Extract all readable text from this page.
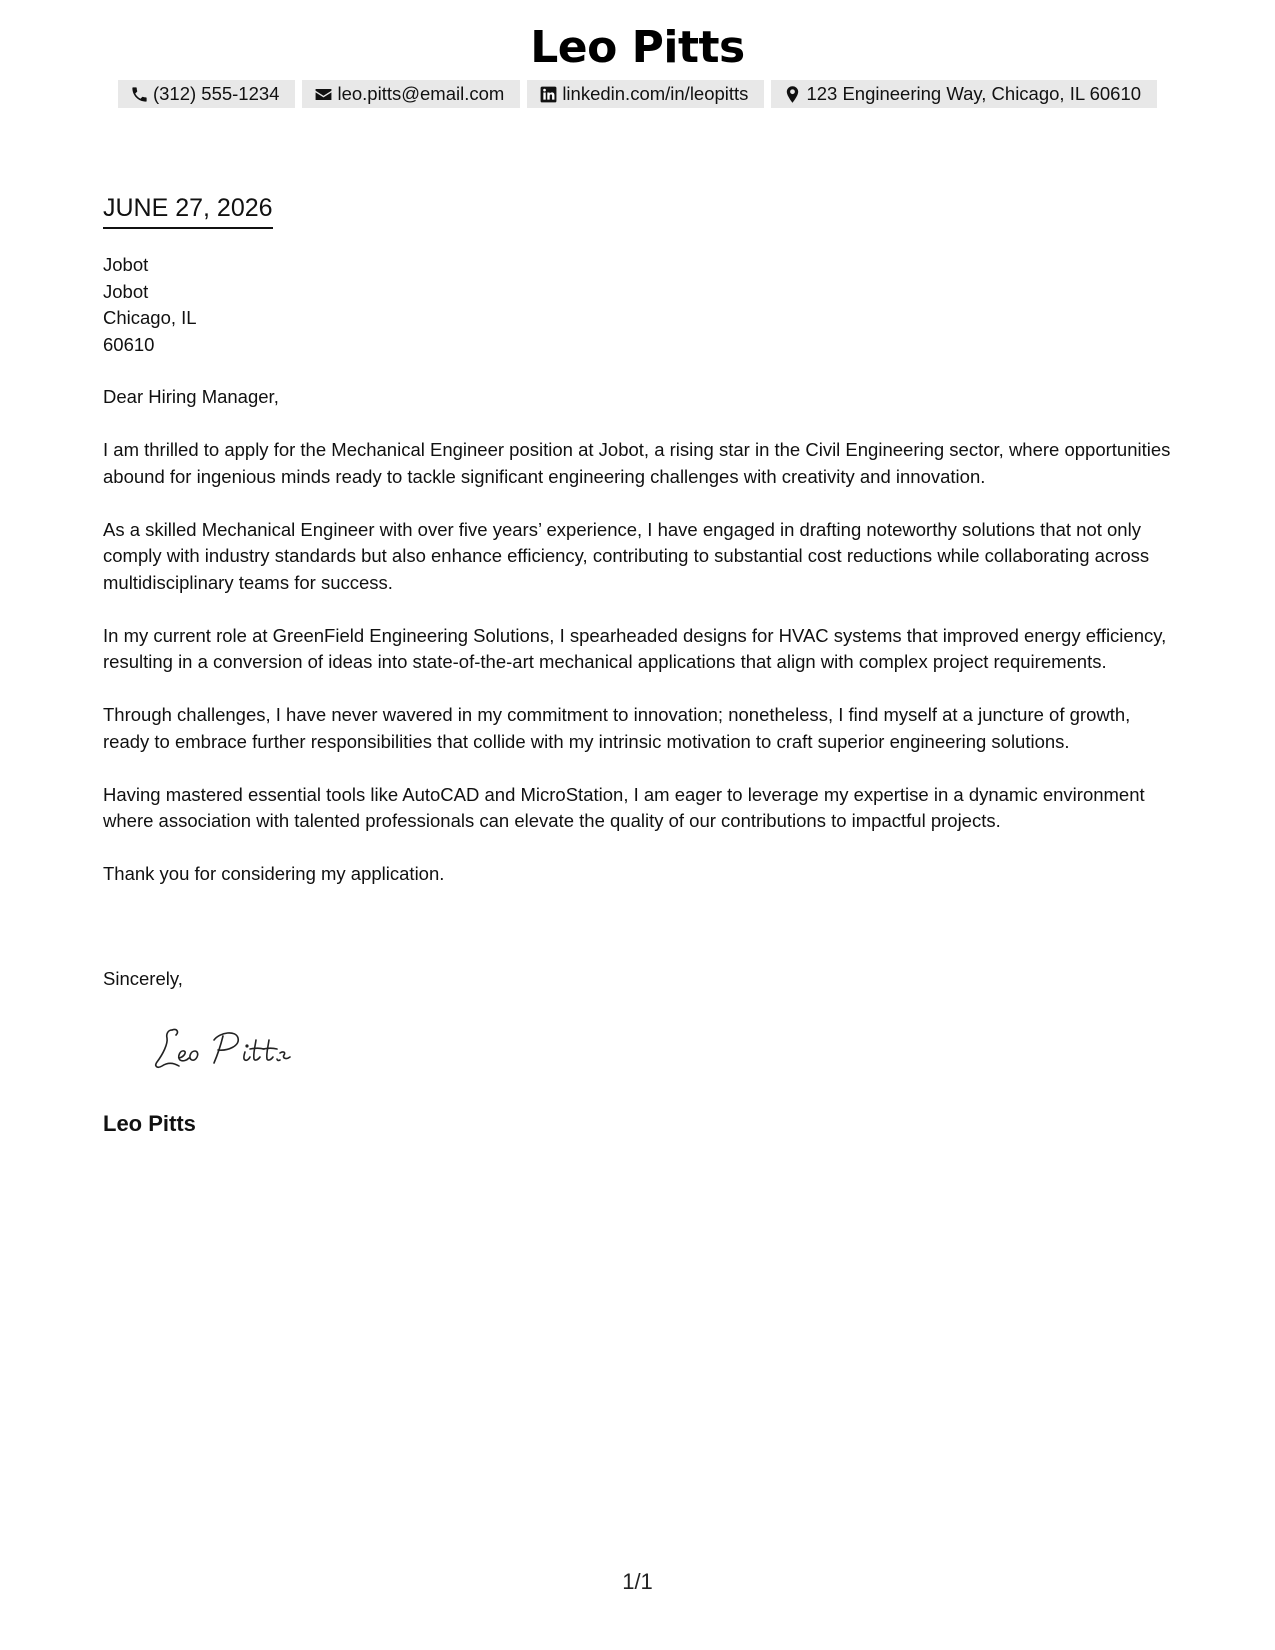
Leo Pitts
(312) 555-1234	leo.pitts@email.com	linkedin.com/in/leopitts	123 Engineering Way, Chicago, IL 60610
JUNE 27, 2026
Jobot
Jobot
Chicago, IL
60610

Dear Hiring Manager,

I am thrilled to apply for the Mechanical Engineer position at Jobot, a rising star in the Civil Engineering sector, where opportunities abound for ingenious minds ready to tackle significant engineering challenges with creativity and innovation.

As a skilled Mechanical Engineer with over five years’ experience, I have engaged in drafting noteworthy solutions that not only comply with industry standards but also enhance efficiency, contributing to substantial cost reductions while collaborating across multidisciplinary teams for success.

In my current role at GreenField Engineering Solutions, I spearheaded designs for HVAC systems that improved energy efficiency, resulting in a conversion of ideas into state-of-the-art mechanical applications that align with complex project requirements.

Through challenges, I have never wavered in my commitment to innovation; nonetheless, I find myself at a juncture of growth, ready to embrace further responsibilities that collide with my intrinsic motivation to craft superior engineering solutions.

Having mastered essential tools like AutoCAD and MicroStation, I am eager to leverage my expertise in a dynamic environment where association with talented professionals can elevate the quality of our contributions to impactful projects.

Thank you for considering my application.

Sincerely,
Leo Pitts
1/1
